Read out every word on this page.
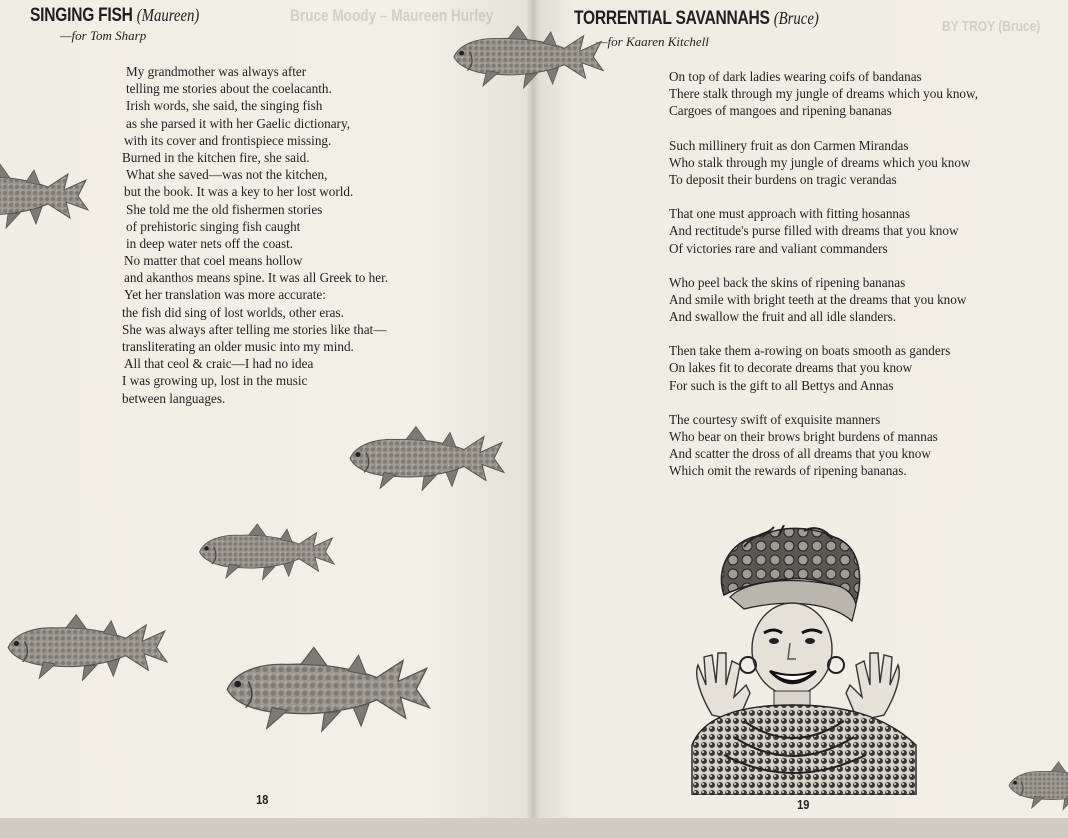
Bruce Moody – Maureen Hurley
SINGING FISH (Maureen)
—for Tom Sharp
My grandmother was always after
telling me stories about the coelacanth.
Irish words, she said, the singing fish
as she parsed it with her Gaelic dictionary,
with its cover and frontispiece missing.
Burned in the kitchen fire, she said.
What she saved—was not the kitchen,
but the book. It was a key to her lost world.
She told me the old fishermen stories
of prehistoric singing fish caught
in deep water nets off the coast.
No matter that coel means hollow
and akanthos means spine. It was all Greek to her.
Yet her translation was more accurate:
the fish did sing of lost worlds, other eras.
She was always after telling me stories like that—
transliterating an older music into my mind.
All that ceol & craic—I had no idea
I was growing up, lost in the music
between languages.
18
BY TROY (Bruce)
TORRENTIAL SAVANNAHS (Bruce)
—for Kaaren Kitchell
On top of dark ladies wearing coifs of bandanas
There stalk through my jungle of dreams which you know,
Cargoes of mangoes and ripening bananas
Such millinery fruit as don Carmen Mirandas
Who stalk through my jungle of dreams which you know
To deposit their burdens on tragic verandas
That one must approach with fitting hosannas
And rectitude's purse filled with dreams that you know
Of victories rare and valiant commanders
Who peel back the skins of ripening bananas
And smile with bright teeth at the dreams that you know
And swallow the fruit and all idle slanders.
Then take them a-rowing on boats smooth as ganders
On lakes fit to decorate dreams that you know
For such is the gift to all Bettys and Annas
The courtesy swift of exquisite manners
Who bear on their brows bright burdens of mannas
And scatter the dross of all dreams that you know
Which omit the rewards of ripening bananas.
19
